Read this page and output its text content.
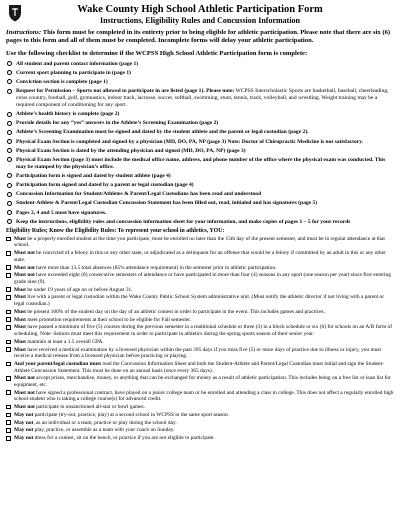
Wake County High School Athletic Participation Form

Instructions, Eligibility Rules and Concussion Information

Instructions: This form must be completed in its entirety prior to being eligible for athletic participation. Please note that there are six (6) pages to this form and all of them must be completed. Incomplete forms will delay your athletic participation.

Use the following checklist to determine if the WCPSS High School Athletic Participation form is complete:

All student and parent contact information (page 1)
Current sport planning to participate in (page 1)
Conviction section is complete (page 1)
Request for Permission – Sports not allowed to participate in are listed (page 1). Please note: WCPSS Interscholastic Sports are basketball, baseball, cheerleading, cross country, football, golf, gymnastics, indoor track, lacrosse, soccer, softball, swimming, stunt, tennis, track, volleyball, and wrestling. Weight training may be a required component of conditioning for any sport.
Athlete’s health history is complete (page 2)
Provide details for any “yes” answers in the Athlete’s Screening Examination (page 2)
Athlete’s Screening Examination must be signed and dated by the student athlete and the parent or legal custodian (page 2).
Physical Exam Section is completed and signed by a physician (MD, DO, PA, NP (page 3) Note: Doctor of Chiropractic Medicine is not satisfactory.
Physical Exam Section is dated by the attending physician and signed (MD, DO, PA, NP) (page 3)
Physical Exam Section (page 3) must include the medical office name, address, and phone number of the office where the physical exam was conducted. This may be stamped by the physician’s office.
Participation form is signed and dated by student athlete (page 4)
Participation form signed and dated by a parent or legal custodian (page 4)
Concussion Information for Student/Athletes & Parent/Legal Custodians has been read and understood
Student-Athlete & Parent/Legal Custodian Concussion Statement has been filled out, read, initialed and has signatures (page 5)
Pages 2, 4 and 5 must have signatures.
Keep the instructions, eligibility rules and concussion information sheet for your information, and make copies of pages 1 – 5 for your records

Eligibility Rules; Know the Eligibility Rules: To represent your school in athletics, YOU:

Must be a properly enrolled student at the time you participate, must be enrolled no later than the 15th day of the present semester, and must be in regular attendance at that school.
Must not be convicted of a felony in this or any other state, or adjudicated as a delinquent for an offense that would be a felony if committed by an adult in this or any other state.
Must not have more than 13.5 total absences (85% attendance requirement) in the semester prior to athletic participation.
Must not have exceeded eight (8) consecutive semesters of attendance or have participated in more than four (4) seasons in any sport (one season per year) since first entering grade nine (9).
Must be under 19 years of age on or before August 31.
Must live with a parent or legal custodian within the Wake County Public School System administrative unit. (Must notify the athletic director if not living with a parent or legal custodian.)
Must be present 100% of the student day on the day of an athletic contest in order to participate in the event. This includes games and practices.
Must meet promotion requirements at their school to be eligible for Fall semester.
Must have passed a minimum of five (5) courses during the previous semester in a traditional schedule or three (3) in a block schedule or six (6) for schools on an A/B form of scheduling. Note: Seniors must meet this requirement in order to participate in athletics during the spring sports season of their senior year.
Must maintain at least a 1.5 overall GPA.
Must have received a medical examination by a licensed physician within the past 395 days if you miss five (5) or more days of practice due to illness or injury, you must receive a medical release from a licensed physician before practicing or playing.
And your parent/legal custodian must read the Concussion Information Sheet and both the Student-Athlete and Parent/Legal Custodian must initial and sign the Student-Athlete Concussion Statement. This must be done on an annual basis (once every 365 days).
Must not accept prizes, merchandise, money, or anything that can be exchanged for money as a result of athletic participation. This includes being on a free list or loan list for equipment, etc.
Must not have signed a professional contract, have played on a junior college team or be enrolled and attending a class in college. This does not affect a regularly enrolled high school student who is taking a college course(s) for advanced credit.
Must not participate in unsanctioned all-star or bowl games.
May not participate (try-out, practice, play) at a second school in WCPSS in the same sport season.
May not, as an individual or a team, practice or play during the school day.
May not play, practice, or assemble as a team with your coach on Sunday.
May not dress for a contest, sit on the bench, or practice if you are not eligible to participate.
